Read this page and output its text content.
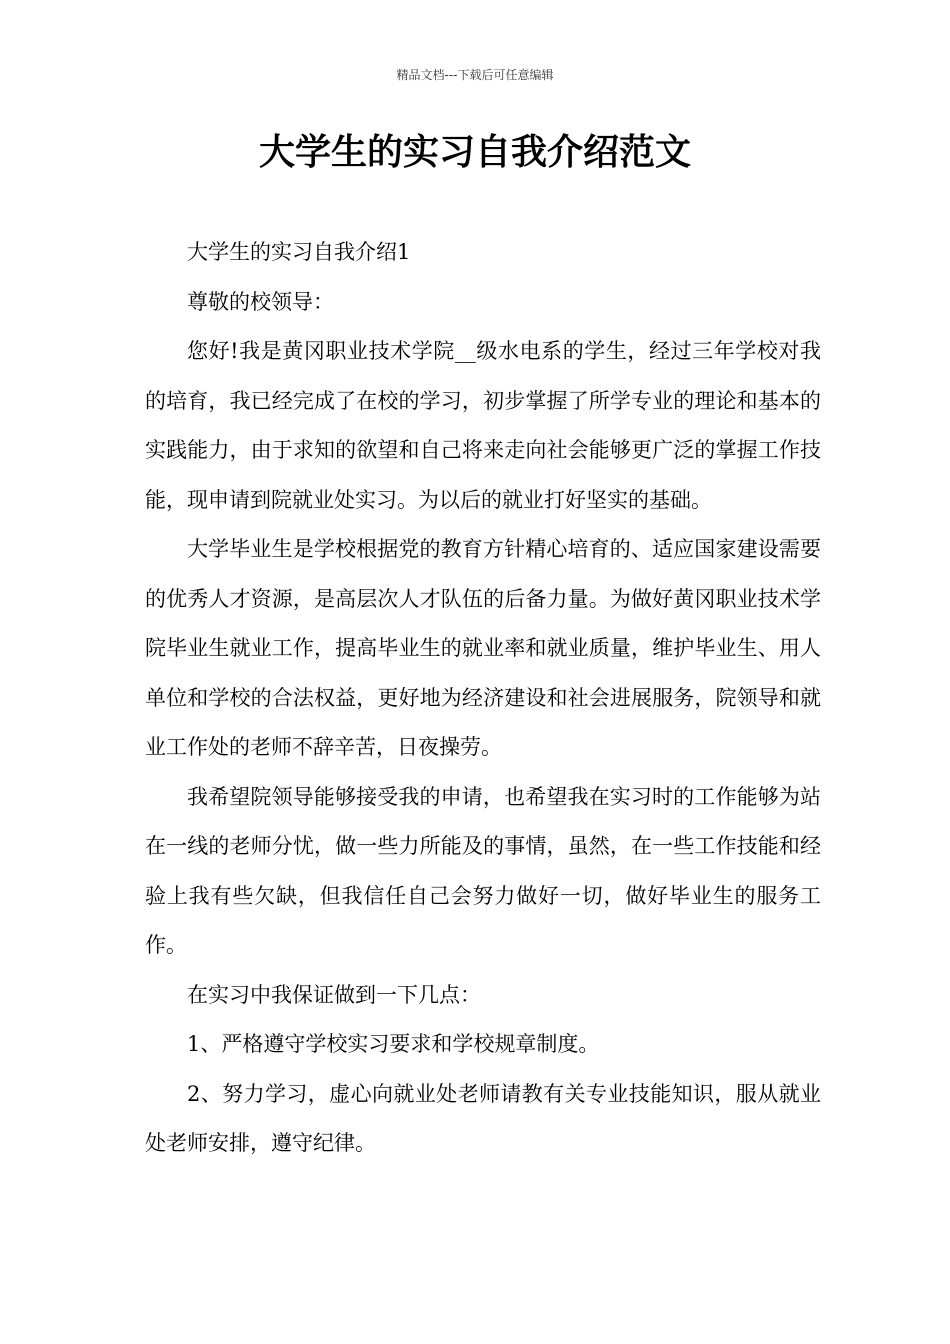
精品文档---下载后可任意编辑
大学生的实习自我介绍范文

大学生的实习自我介绍1

尊敬的校领导：

您好!我是黄冈职业技术学院__级水电系的学生，经过三年学校对我的培育，我已经完成了在校的学习，初步掌握了所学专业的理论和基本的实践能力，由于求知的欲望和自己将来走向社会能够更广泛的掌握工作技能，现申请到院就业处实习。为以后的就业打好坚实的基础。

大学毕业生是学校根据党的教育方针精心培育的、适应国家建设需要的优秀人才资源，是高层次人才队伍的后备力量。为做好黄冈职业技术学院毕业生就业工作，提高毕业生的就业率和就业质量，维护毕业生、用人单位和学校的合法权益，更好地为经济建设和社会进展服务，院领导和就业工作处的老师不辞辛苦，日夜操劳。

我希望院领导能够接受我的申请，也希望我在实习时的工作能够为站在一线的老师分忧，做一些力所能及的事情，虽然，在一些工作技能和经验上我有些欠缺，但我信任自己会努力做好一切，做好毕业生的服务工作。

在实习中我保证做到一下几点：

1、严格遵守学校实习要求和学校规章制度。

2、努力学习，虚心向就业处老师请教有关专业技能知识，服从就业处老师安排，遵守纪律。
